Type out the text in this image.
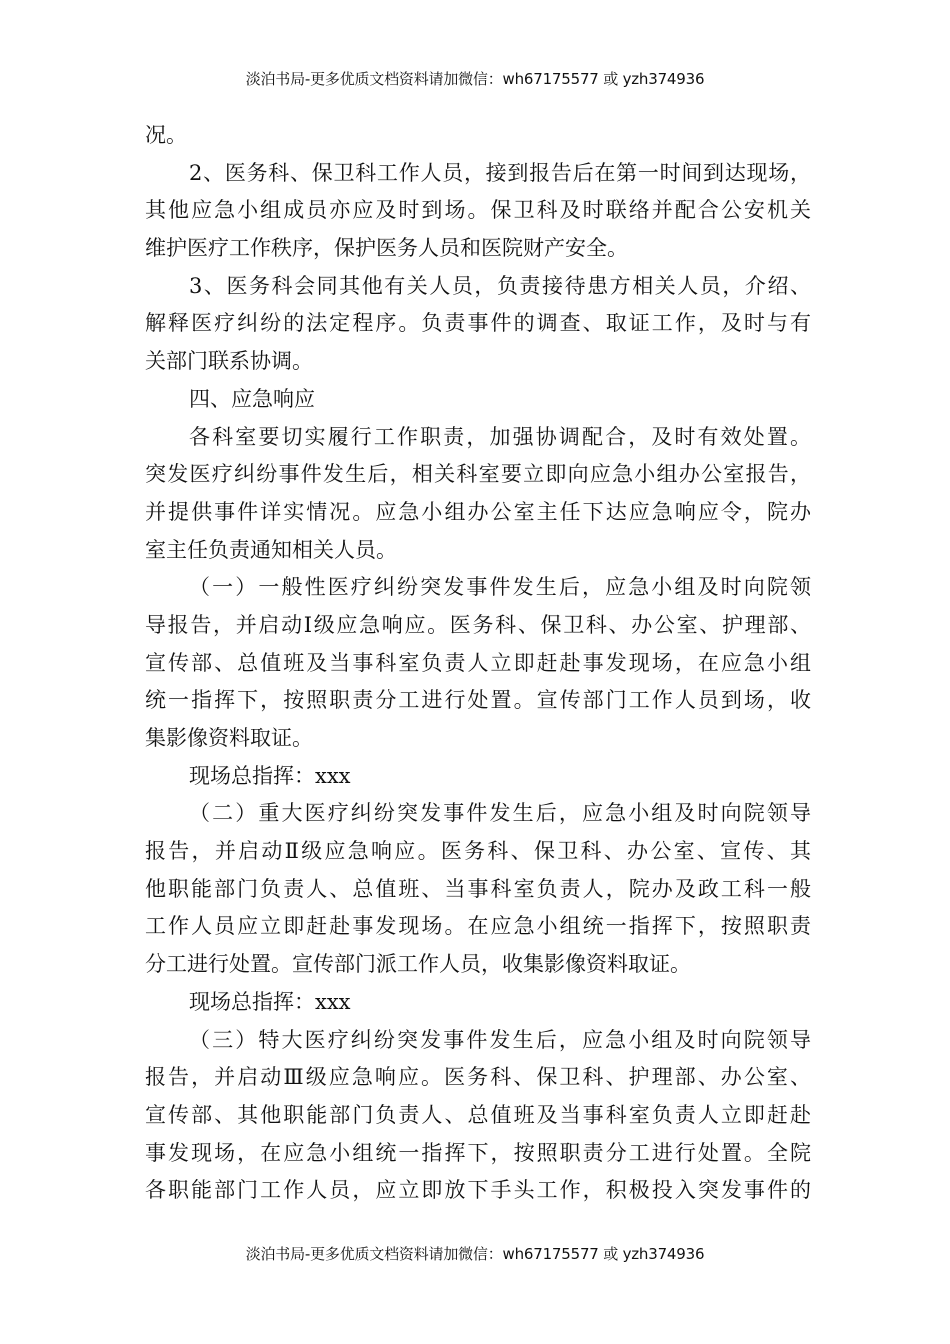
淡泊书局-更多优质文档资料请加微信：wh67175577 或 yzh374936
况。
2、医务科、保卫科工作人员，接到报告后在第一时间到达现场，
其他应急小组成员亦应及时到场。保卫科及时联络并配合公安机关
维护医疗工作秩序，保护医务人员和医院财产安全。
3、医务科会同其他有关人员，负责接待患方相关人员，介绍、
解释医疗纠纷的法定程序。负责事件的调查、取证工作，及时与有
关部门联系协调。
四、应急响应
各科室要切实履行工作职责，加强协调配合，及时有效处置。
突发医疗纠纷事件发生后，相关科室要立即向应急小组办公室报告，
并提供事件详实情况。应急小组办公室主任下达应急响应令，院办
室主任负责通知相关人员。
（一）一般性医疗纠纷突发事件发生后，应急小组及时向院领
导报告，并启动Ⅰ级应急响应。医务科、保卫科、办公室、护理部、
宣传部、总值班及当事科室负责人立即赶赴事发现场，在应急小组
统一指挥下，按照职责分工进行处置。宣传部门工作人员到场，收
集影像资料取证。
现场总指挥：xxx
（二）重大医疗纠纷突发事件发生后，应急小组及时向院领导
报告，并启动Ⅱ级应急响应。医务科、保卫科、办公室、宣传、其
他职能部门负责人、总值班、当事科室负责人，院办及政工科一般
工作人员应立即赶赴事发现场。在应急小组统一指挥下，按照职责
分工进行处置。宣传部门派工作人员，收集影像资料取证。
现场总指挥：xxx
（三）特大医疗纠纷突发事件发生后，应急小组及时向院领导
报告，并启动Ⅲ级应急响应。医务科、保卫科、护理部、办公室、
宣传部、其他职能部门负责人、总值班及当事科室负责人立即赶赴
事发现场，在应急小组统一指挥下，按照职责分工进行处置。全院
各职能部门工作人员，应立即放下手头工作，积极投入突发事件的
淡泊书局-更多优质文档资料请加微信：wh67175577 或 yzh374936
